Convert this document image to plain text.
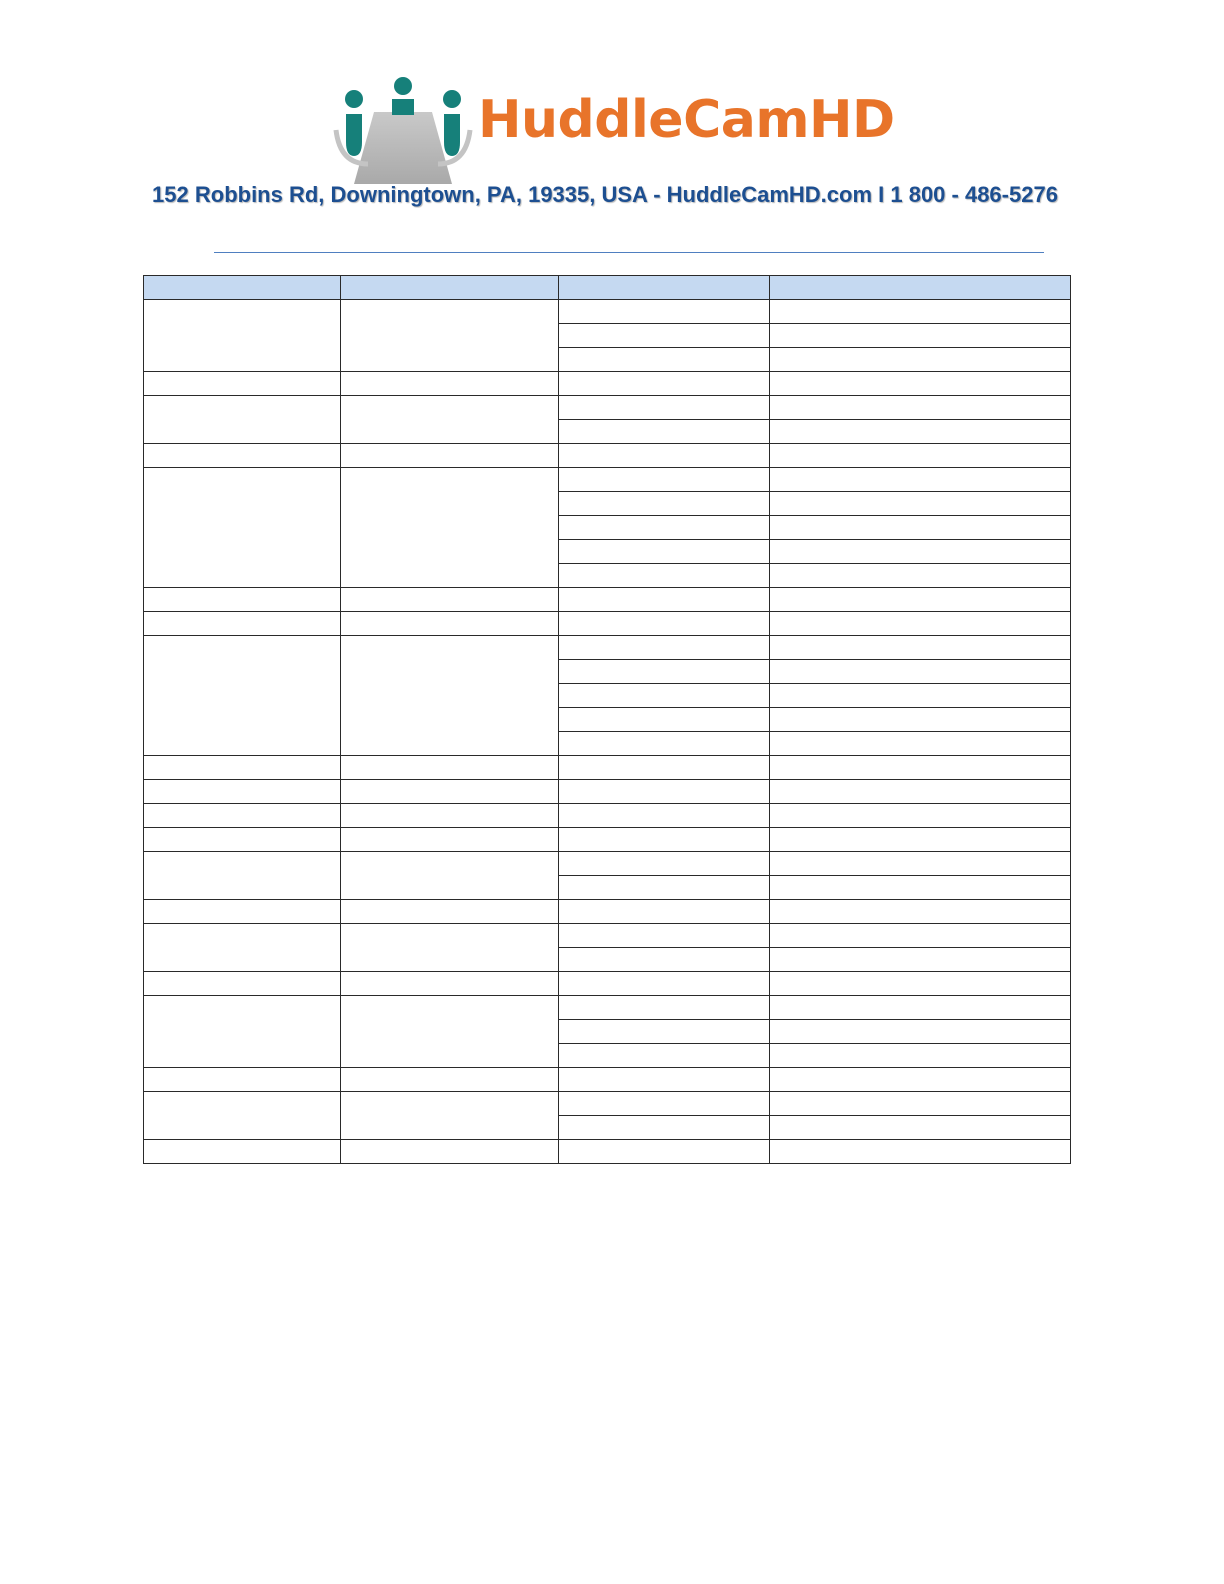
HuddleCamHD
152 Robbins Rd, Downingtown, PA, 19335, USA - HuddleCamHD.com I 1 800 - 486-5276
